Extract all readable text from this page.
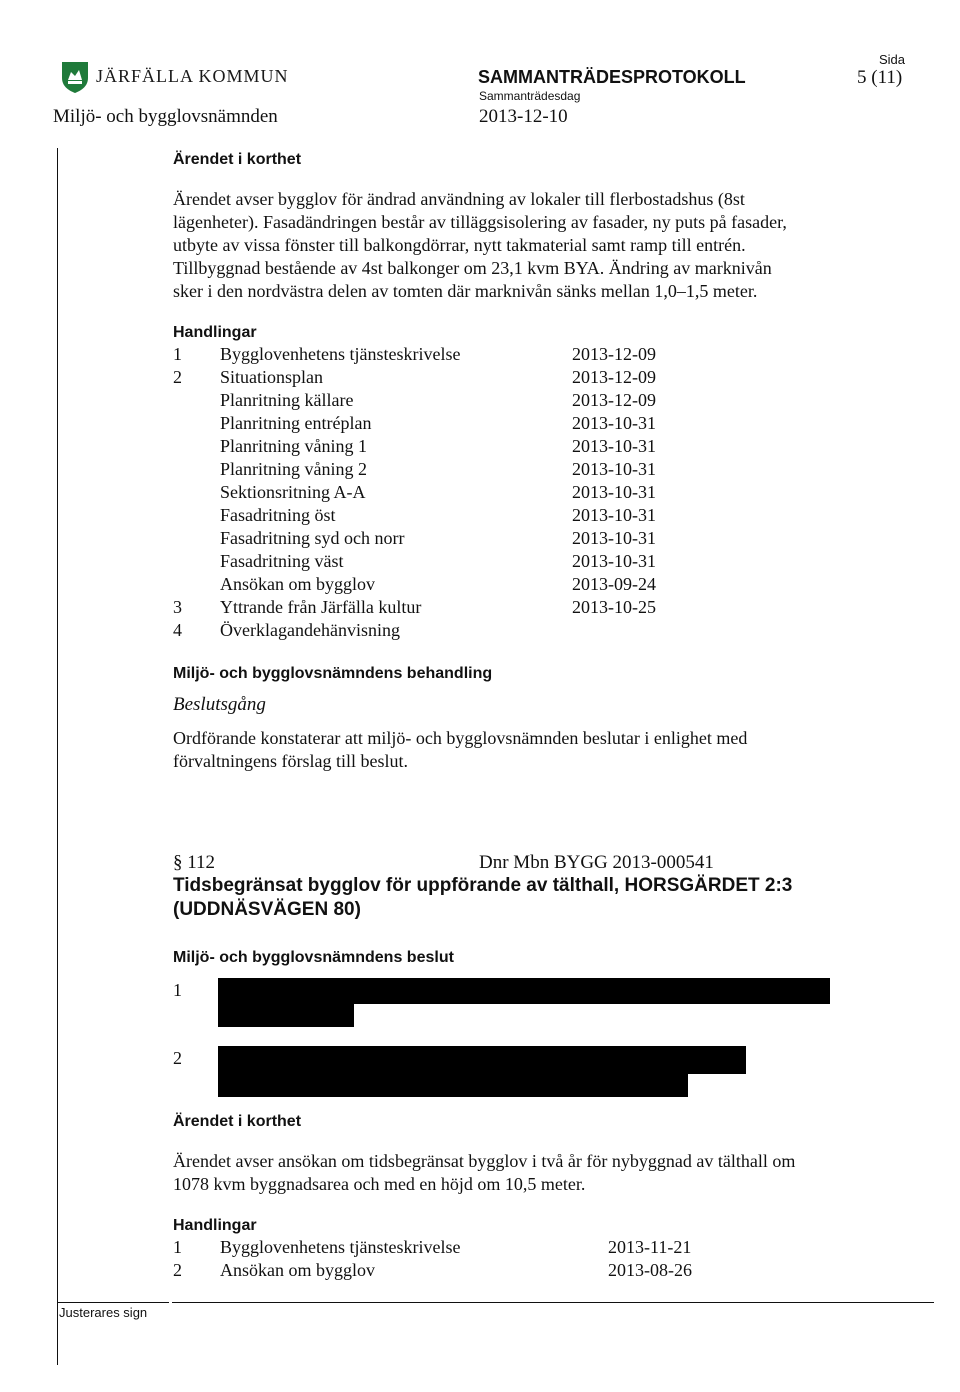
JÄRFÄLLA KOMMUN
Miljö- och bygglovsnämnden
SAMMANTRÄDESPROTOKOLL
Sammanträdesdag
2013-12-10
Sida
5 (11)
Justerares sign
Ärendet i korthet
Ärendet avser bygglov för ändrad användning av lokaler till flerbostadshus (8st
lägenheter). Fasadändringen består av tilläggsisolering av fasader, ny puts på fasader,
utbyte av vissa fönster till balkongdörrar, nytt takmaterial samt ramp till entrén.
Tillbyggnad bestående av 4st balkonger om 23,1 kvm BYA. Ändring av marknivån
sker i den nordvästra delen av tomten där marknivån sänks mellan 1,0–1,5 meter.
Handlingar
1 Bygglovenhetens tjänsteskrivelse	2013-12-09
2 Situationsplan	2013-12-09
Planritning källare	2013-12-09
Planritning entréplan	2013-10-31
Planritning våning 1	2013-10-31
Planritning våning 2	2013-10-31
Sektionsritning A-A	2013-10-31
Fasadritning öst	2013-10-31
Fasadritning syd och norr	2013-10-31
Fasadritning väst	2013-10-31
Ansökan om bygglov	2013-09-24
3 Yttrande från Järfälla kultur	2013-10-25
4 Överklagandehänvisning
Miljö- och bygglovsnämndens behandling
Beslutsgång
Ordförande konstaterar att miljö- och bygglovsnämnden beslutar i enlighet med
förvaltningens förslag till beslut.
§ 112	Dnr Mbn BYGG 2013-000541
Tidsbegränsat bygglov för uppförande av tälthall, HORSGÄRDET 2:3
(UDDNÄSVÄGEN 80)
Miljö- och bygglovsnämndens beslut
1
2
Ärendet i korthet
Ärendet avser ansökan om tidsbegränsat bygglov i två år för nybyggnad av tälthall om
1078 kvm byggnadsarea och med en höjd om 10,5 meter.
Handlingar
1 Bygglovenhetens tjänsteskrivelse	2013-11-21
2 Ansökan om bygglov	2013-08-26
